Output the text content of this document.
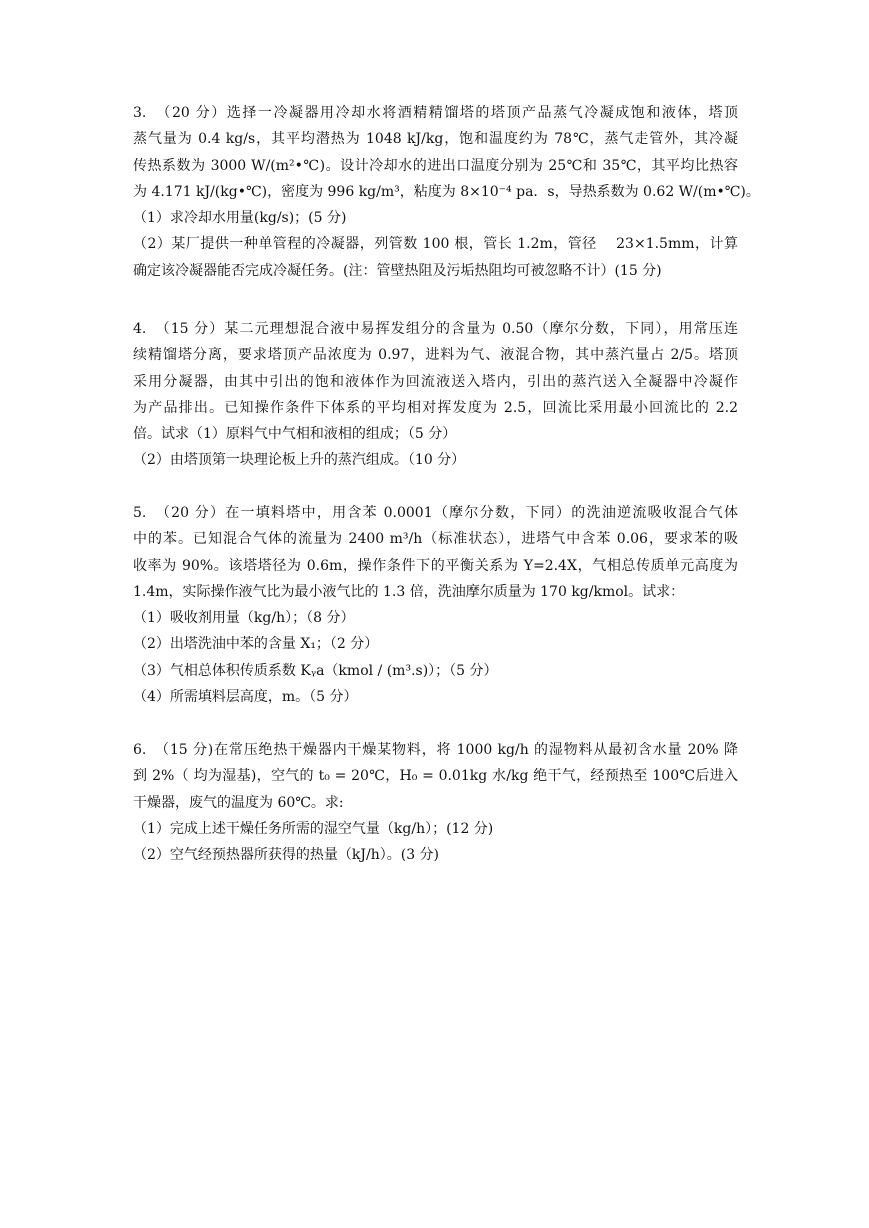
3.　（20 分）选择一冷凝器用冷却水将酒精精馏塔的塔顶产品蒸气冷凝成饱和液体，塔顶
蒸气量为 0.4 kg/s，其平均潜热为 1048 kJ/kg，饱和温度约为 78℃，蒸气走管外，其冷凝
传热系数为 3000 W/(m²•℃)。设计冷却水的进出口温度分别为 25℃和 35℃，其平均比热容
为 4.171 kJ/(kg•℃)，密度为 996 kg/m³，粘度为 8×10⁻⁴ pa．s，导热系数为 0.62 W/(m•℃)。
（1）求冷却水用量(kg/s)；(5 分)
（2）某厂提供一种单管程的冷凝器，列管数 100 根，管长 1.2m，管径　 23×1.5mm，计算
确定该冷凝器能否完成冷凝任务。(注：管壁热阻及污垢热阻均可被忽略不计）(15 分)
4.　（15 分）某二元理想混合液中易挥发组分的含量为 0.50（摩尔分数，下同），用常压连
续精馏塔分离，要求塔顶产品浓度为 0.97，进料为气、液混合物，其中蒸汽量占 2/5。塔顶
采用分凝器，由其中引出的饱和液体作为回流液送入塔内，引出的蒸汽送入全凝器中冷凝作
为产品排出。已知操作条件下体系的平均相对挥发度为 2.5，回流比采用最小回流比的 2.2
倍。试求（1）原料气中气相和液相的组成；（5 分）
（2）由塔顶第一块理论板上升的蒸汽组成。（10 分）
5.　（20 分）在一填料塔中，用含苯 0.0001（摩尔分数，下同）的洗油逆流吸收混合气体
中的苯。已知混合气体的流量为 2400 m³/h（标准状态），进塔气中含苯 0.06，要求苯的吸
收率为 90%。该塔塔径为 0.6m，操作条件下的平衡关系为 Y=2.4X，气相总传质单元高度为
1.4m，实际操作液气比为最小液气比的 1.3 倍，洗油摩尔质量为 170 kg/kmol。试求：
（1）吸收剂用量（kg/h）；（8 分）
（2）出塔洗油中苯的含量 X₁；（2 分）
（3）气相总体积传质系数 Kᵧa（kmol / (m³.s)）；（5 分）
（4）所需填料层高度，m。（5 分）
6.　（15 分)在常压绝热干燥器内干燥某物料，将 1000 kg/h 的湿物料从最初含水量 20% 降
到 2%（ 均为湿基)，空气的 t₀ = 20℃，H₀ = 0.01kg 水/kg 绝干气，经预热至 100℃后进入
干燥器，废气的温度为 60℃。求:
（1）完成上述干燥任务所需的湿空气量（kg/h）；(12 分)
（2）空气经预热器所获得的热量（kJ/h）。(3 分)
